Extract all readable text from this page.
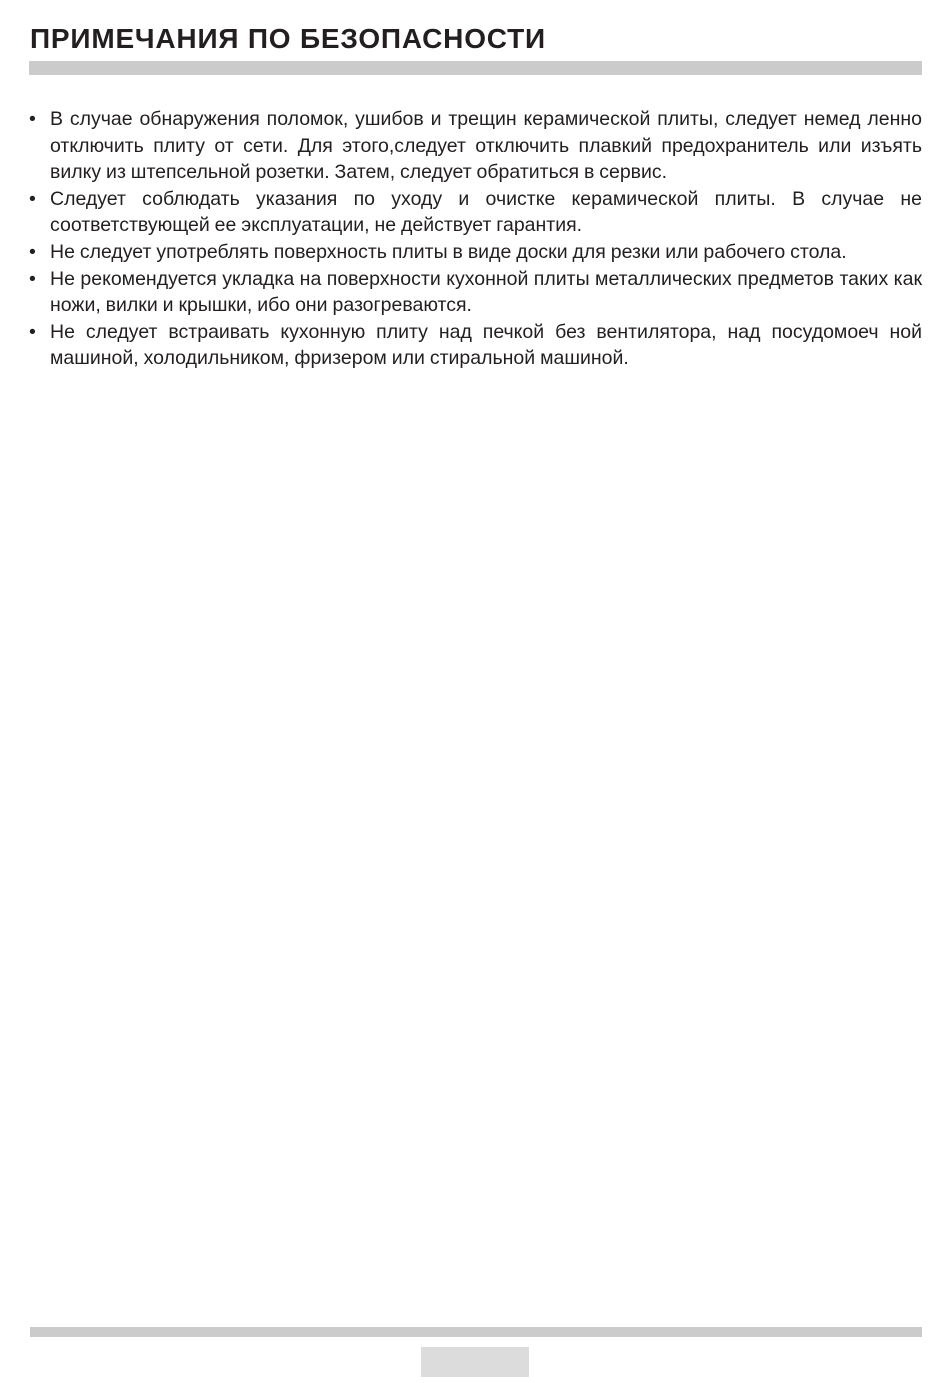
ПРИМЕЧАНИЯ ПО БЕЗОПАСНОСТИ
• В случае обнаружения поломок, ушибов и трещин керамической плиты, следует немед ленно отключить плиту от сети. Для этого,следует отключить плавкий предохранитель или изъять вилку из штепсельной розетки. Затем, следует обратиться в сервис.
• Следует соблюдать указания по уходу и очистке керамической плиты. В случае не соответствующей ее эксплуатации, не действует гарантия.
• Не следует употреблять поверхность плиты в виде доски для резки или рабочего стола.
• Не рекомендуется укладка на поверхности кухонной плиты металлических предметов таких как ножи, вилки и крышки, ибо они разогреваются.
• Не следует встраивать кухонную плиту над печкой без вентилятора, над посудомоеч ной машиной, холодильником, фризером или стиральной машиной.
